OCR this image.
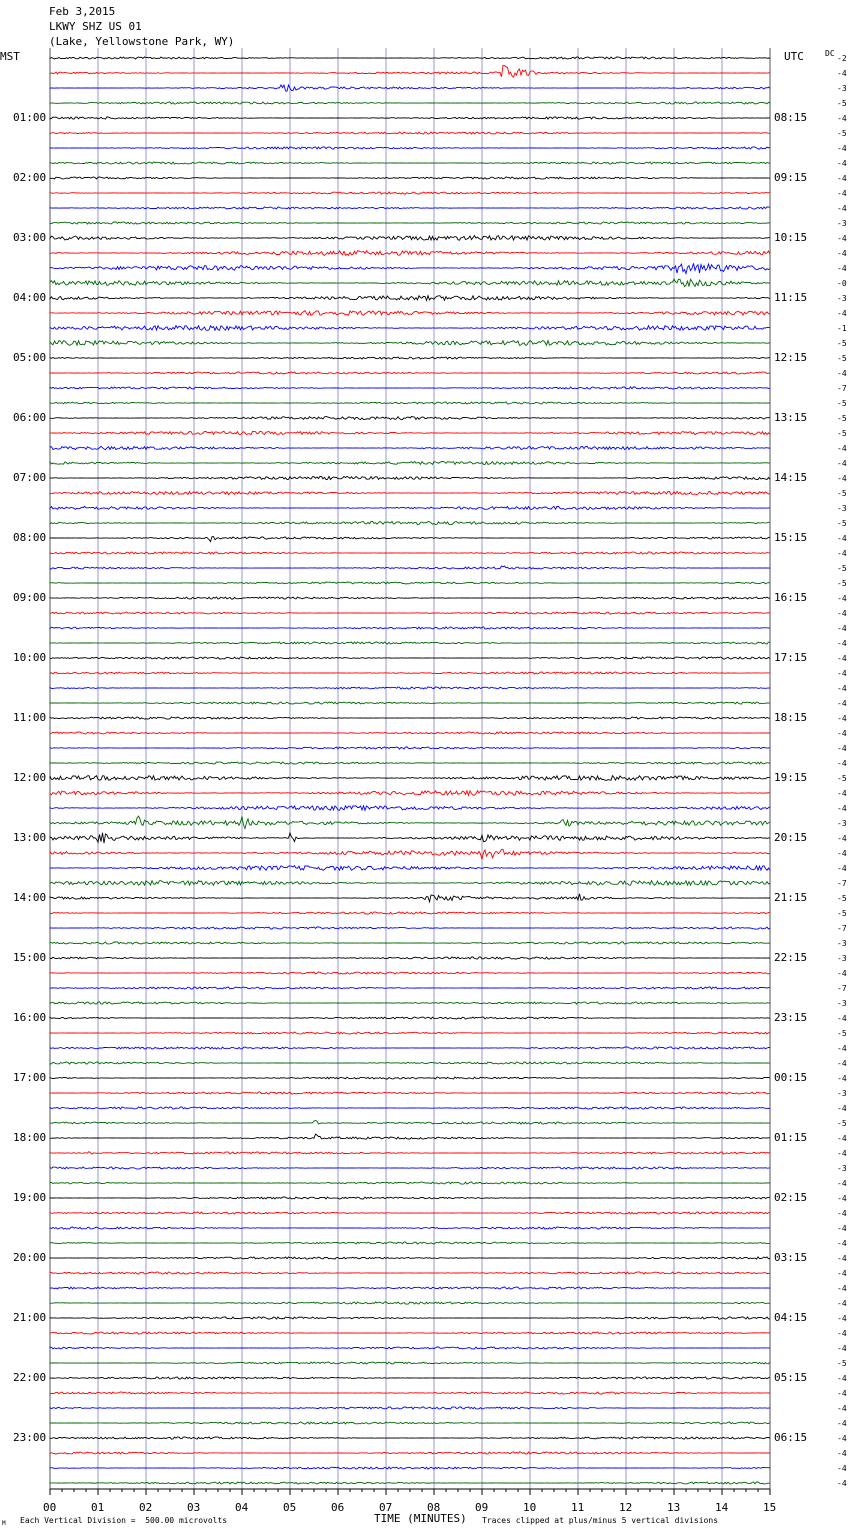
Feb 3,2015
LKWY SHZ US 01
(Lake, Yellowstone Park, WY)
MST	UTC	DC
01:00
02:00
03:00
04:00
05:00
06:00
07:00
08:00
09:00
10:00
11:00
12:00
13:00
14:00
15:00
16:00
17:00
18:00
19:00
20:00
21:00
22:00
23:00
08:15
09:15
10:15
11:15
12:15
13:15
14:15
15:15
16:15
17:15
18:15
19:15
20:15
21:15
22:15
23:15
00:15
01:15
02:15
03:15
04:15
05:15
06:15
-2
-4
-3
-5
-4
-5
-4
-4
-4
-4
-4
-3
-4
-4
-4
-0
-3
-4
-1
-5
-5
-4
-7
-5
-5
-5
-4
-4
-4
-5
-3
-5
-4
-4
-5
-5
-4
-4
-4
-4
-4
-4
-4
-4
-4
-4
-4
-4
-5
-4
-4
-3
-4
-4
-4
-7
-5
-5
-7
-3
-3
-4
-7
-3
-4
-5
-4
-4
-4
-3
-4
-5
-4
-4
-3
-4
-4
-4
-4
-4
-4
-4
-4
-4
-4
-4
-4
-5
-4
-4
-4
-4
-4
-4
-4
-4
00	01	02	03	04	05	06	07	08	09	10	11	12	13	14	15
TIME (MINUTES)
Each Vertical Division =  500.00 microvolts	Traces clipped at plus/minus 5 vertical divisions
M
